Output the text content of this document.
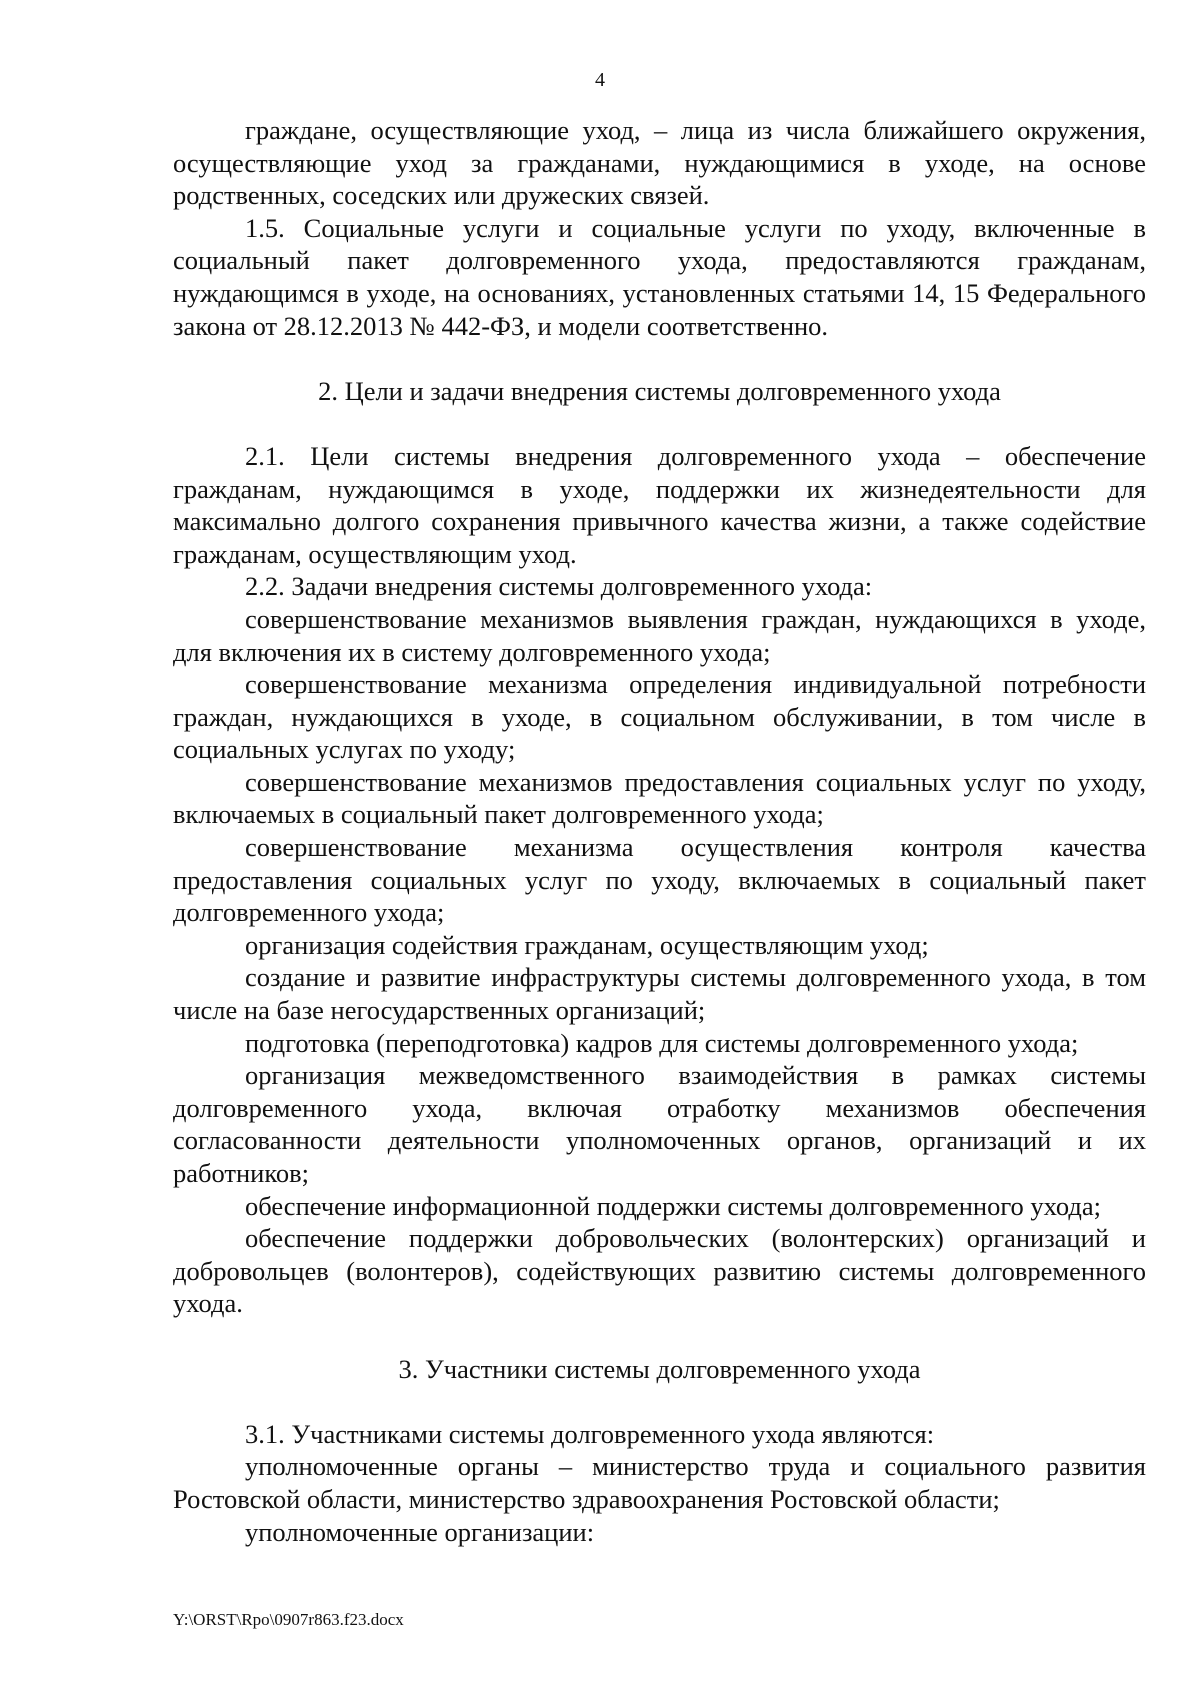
4

граждане, осуществляющие уход, – лица из числа ближайшего окружения, осуществляющие уход за гражданами, нуждающимися в уходе, на основе родственных, соседских или дружеских связей.

1.5. Социальные услуги и социальные услуги по уходу, включенные в социальный пакет долговременного ухода, предоставляются гражданам, нуждающимся в уходе, на основаниях, установленных статьями 14, 15 Федерального закона от 28.12.2013 № 442-ФЗ, и модели соответственно.

2. Цели и задачи внедрения системы долговременного ухода

2.1. Цели системы внедрения долговременного ухода – обеспечение гражданам, нуждающимся в уходе, поддержки их жизнедеятельности для максимально долгого сохранения привычного качества жизни, а также содействие гражданам, осуществляющим уход.

2.2. Задачи внедрения системы долговременного ухода:

совершенствование механизмов выявления граждан, нуждающихся в уходе, для включения их в систему долговременного ухода;

совершенствование механизма определения индивидуальной потребности граждан, нуждающихся в уходе, в социальном обслуживании, в том числе в социальных услугах по уходу;

совершенствование механизмов предоставления социальных услуг по уходу, включаемых в социальный пакет долговременного ухода;

совершенствование механизма осуществления контроля качества предоставления социальных услуг по уходу, включаемых в социальный пакет долговременного ухода;

организация содействия гражданам, осуществляющим уход;

создание и развитие инфраструктуры системы долговременного ухода, в том числе на базе негосударственных организаций;

подготовка (переподготовка) кадров для системы долговременного ухода;

организация межведомственного взаимодействия в рамках системы долговременного ухода, включая отработку механизмов обеспечения согласованности деятельности уполномоченных органов, организаций и их работников;

обеспечение информационной поддержки системы долговременного ухода;

обеспечение поддержки добровольческих (волонтерских) организаций и добровольцев (волонтеров), содействующих развитию системы долговременного ухода.

3. Участники системы долговременного ухода

3.1. Участниками системы долговременного ухода являются:

уполномоченные органы – министерство труда и социального развития Ростовской области, министерство здравоохранения Ростовской области;

уполномоченные организации:

Y:\ORST\Rpo\0907r863.f23.docx
